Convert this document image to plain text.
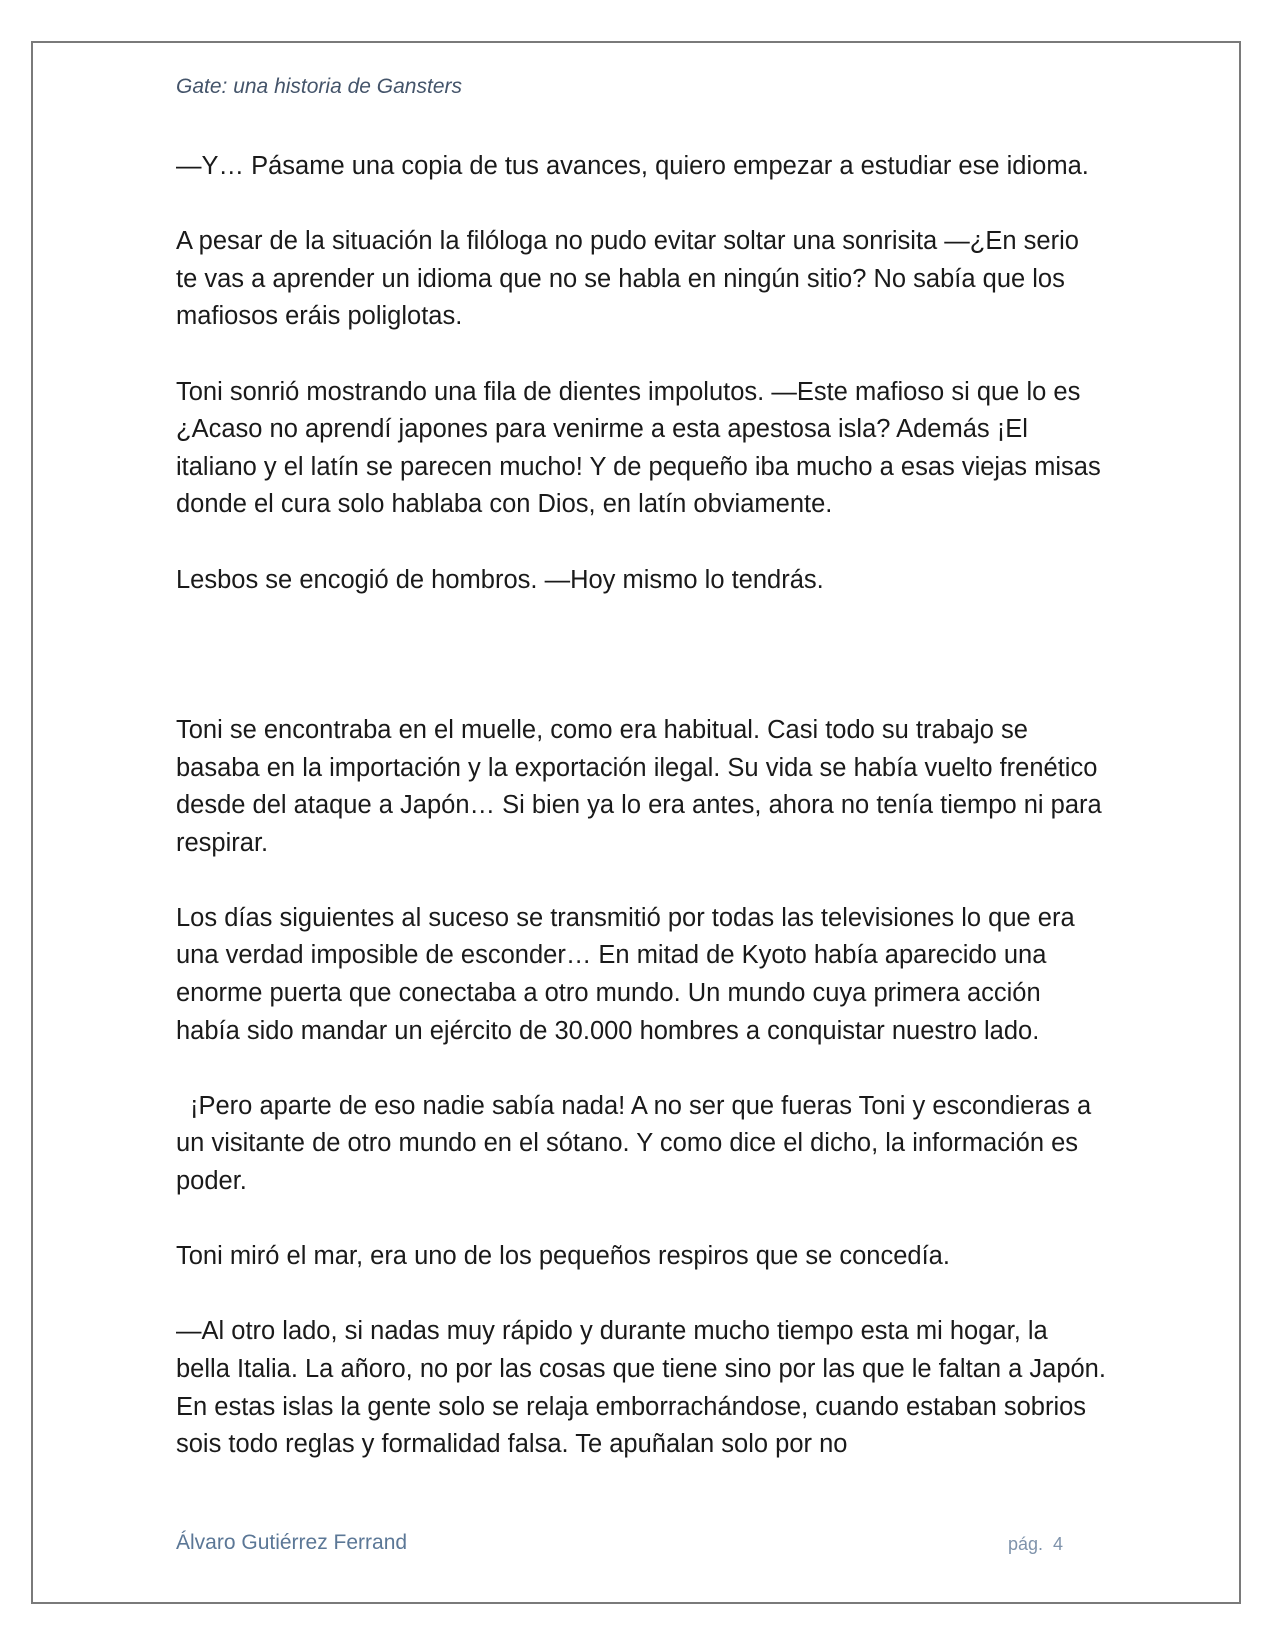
Gate: una historia de Gansters

—Y… Pásame una copia de tus avances, quiero empezar a estudiar ese idioma.

A pesar de la situación la filóloga no pudo evitar soltar una sonrisita —¿En serio te vas a aprender un idioma que no se habla en ningún sitio? No sabía que los mafiosos eráis poliglotas.

Toni sonrió mostrando una fila de dientes impolutos. —Este mafioso si que lo es ¿Acaso no aprendí japones para venirme a esta apestosa isla? Además ¡El italiano y el latín se parecen mucho! Y de pequeño iba mucho a esas viejas misas donde el cura solo hablaba con Dios, en latín obviamente.

Lesbos se encogió de hombros. —Hoy mismo lo tendrás.

Toni se encontraba en el muelle, como era habitual. Casi todo su trabajo se basaba en la importación y la exportación ilegal. Su vida se había vuelto frenético desde del ataque a Japón… Si bien ya lo era antes, ahora no tenía tiempo ni para respirar.

Los días siguientes al suceso se transmitió por todas las televisiones lo que era una verdad imposible de esconder… En mitad de Kyoto había aparecido una enorme puerta que conectaba a otro mundo. Un mundo cuya primera acción había sido mandar un ejército de 30.000 hombres a conquistar nuestro lado.

¡Pero aparte de eso nadie sabía nada! A no ser que fueras Toni y escondieras a un visitante de otro mundo en el sótano. Y como dice el dicho, la información es poder.

Toni miró el mar, era uno de los pequeños respiros que se concedía.

—Al otro lado, si nadas muy rápido y durante mucho tiempo esta mi hogar, la bella Italia. La añoro, no por las cosas que tiene sino por las que le faltan a Japón. En estas islas la gente solo se relaja emborrachándose, cuando estaban sobrios sois todo reglas y formalidad falsa. Te apuñalan solo por no

Álvaro Gutiérrez Ferrand	pág. 4
